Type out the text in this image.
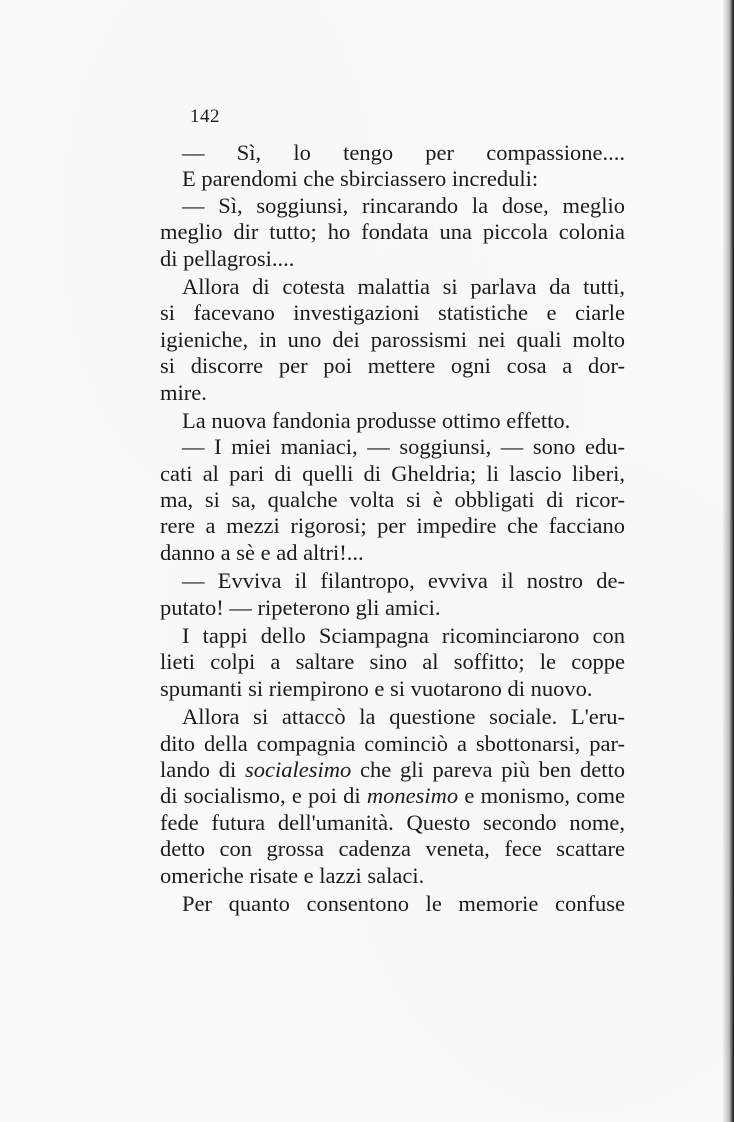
142
— Sì, lo tengo per compassione....
E parendomi che sbirciassero increduli:
— Sì, soggiunsi, rincarando la dose, meglio
meglio dir tutto; ho fondata una piccola colonia
di pellagrosi....
Allora di cotesta malattia si parlava da tutti,
si facevano investigazioni statistiche e ciarle
igieniche, in uno dei parossismi nei quali molto
si discorre per poi mettere ogni cosa a dor-
mire.
La nuova fandonia produsse ottimo effetto.
— I miei maniaci, — soggiunsi, — sono edu-
cati al pari di quelli di Gheldria; li lascio liberi,
ma, si sa, qualche volta si è obbligati di ricor-
rere a mezzi rigorosi; per impedire che facciano
danno a sè e ad altri!...
— Evviva il filantropo, evviva il nostro de-
putato! — ripeterono gli amici.
I tappi dello Sciampagna ricominciarono con
lieti colpi a saltare sino al soffitto; le coppe
spumanti si riempirono e si vuotarono di nuovo.
Allora si attaccò la questione sociale. L'eru-
dito della compagnia cominciò a sbottonarsi, par-
lando di socialesimo che gli pareva più ben detto
di socialismo, e poi di monesimo e monismo, come
fede futura dell'umanità. Questo secondo nome,
detto con grossa cadenza veneta, fece scattare
omeriche risate e lazzi salaci.
Per quanto consentono le memorie confuse
